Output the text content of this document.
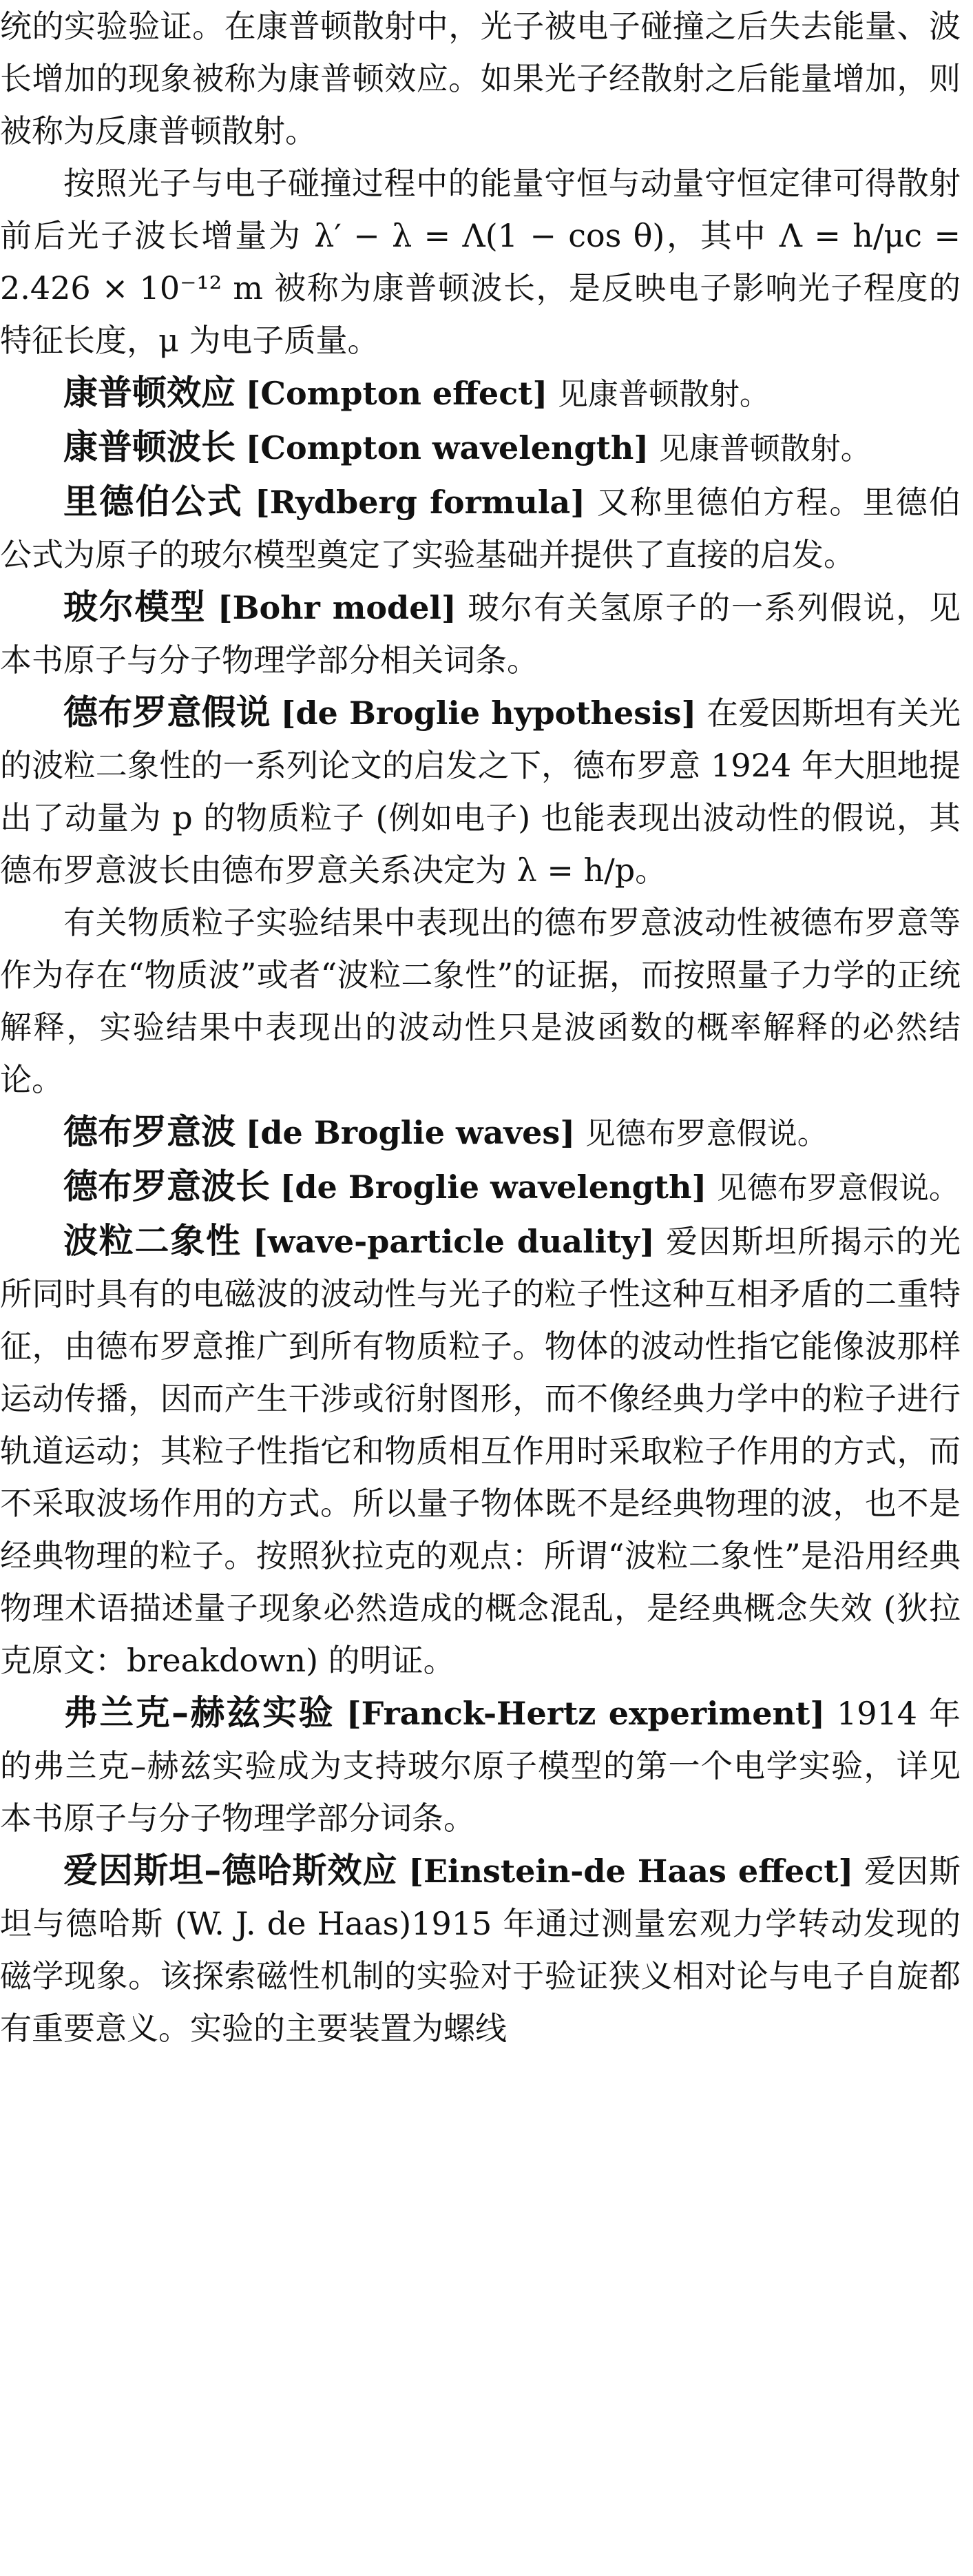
统的实验验证。在康普顿散射中，光子被电子碰撞之后失去能量、波长增加的现象被称为康普顿效应。如果光子经散射之后能量增加，则被称为反康普顿散射。

按照光子与电子碰撞过程中的能量守恒与动量守恒定律可得散射前后光子波长增量为 λ′ − λ = Λ(1 − cos θ)，其中 Λ = h/μc = 2.426 × 10⁻¹² m 被称为康普顿波长，是反映电子影响光子程度的特征长度，μ 为电子质量。

康普顿效应 [Compton effect] 见康普顿散射。

康普顿波长 [Compton wavelength] 见康普顿散射。

里德伯公式 [Rydberg formula] 又称里德伯方程。里德伯公式为原子的玻尔模型奠定了实验基础并提供了直接的启发。

玻尔模型 [Bohr model] 玻尔有关氢原子的一系列假说，见本书原子与分子物理学部分相关词条。

德布罗意假说 [de Broglie hypothesis] 在爱因斯坦有关光的波粒二象性的一系列论文的启发之下，德布罗意 1924 年大胆地提出了动量为 p 的物质粒子 (例如电子) 也能表现出波动性的假说，其德布罗意波长由德布罗意关系决定为 λ = h/p。

有关物质粒子实验结果中表现出的德布罗意波动性被德布罗意等作为存在“物质波”或者“波粒二象性”的证据，而按照量子力学的正统解释，实验结果中表现出的波动性只是波函数的概率解释的必然结论。

德布罗意波 [de Broglie waves] 见德布罗意假说。

德布罗意波长 [de Broglie wavelength] 见德布罗意假说。

波粒二象性 [wave-particle duality] 爱因斯坦所揭示的光所同时具有的电磁波的波动性与光子的粒子性这种互相矛盾的二重特征，由德布罗意推广到所有物质粒子。物体的波动性指它能像波那样运动传播，因而产生干涉或衍射图形，而不像经典力学中的粒子进行轨道运动；其粒子性指它和物质相互作用时采取粒子作用的方式，而不采取波场作用的方式。所以量子物体既不是经典物理的波，也不是经典物理的粒子。按照狄拉克的观点：所谓“波粒二象性”是沿用经典物理术语描述量子现象必然造成的概念混乱，是经典概念失效 (狄拉克原文：breakdown) 的明证。

弗兰克–赫兹实验 [Franck-Hertz experiment] 1914 年的弗兰克–赫兹实验成为支持玻尔原子模型的第一个电学实验，详见本书原子与分子物理学部分词条。

爱因斯坦–德哈斯效应 [Einstein-de Haas effect] 爱因斯坦与德哈斯 (W. J. de Haas)1915 年通过测量宏观力学转动发现的磁学现象。该探索磁性机制的实验对于验证狭义相对论与电子自旋都有重要意义。实验的主要装置为螺线
